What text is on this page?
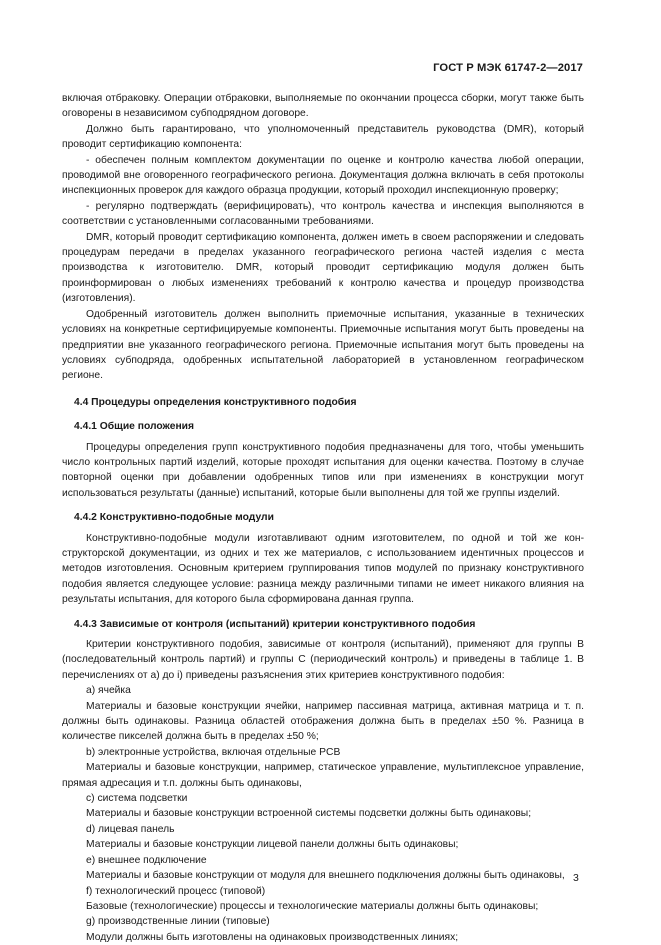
ГОСТ Р МЭК 61747-2—2017

включая отбраковку. Операции отбраковки, выполняемые по окончании процесса сборки, могут также быть оговорены в независимом субподрядном договоре.

Должно быть гарантировано, что уполномоченный представитель руководства (DMR), который проводит сертификацию компонента:

- обеспечен полным комплектом документации по оценке и контролю качества любой операции, проводимой вне оговоренного географического региона. Документация должна включать в себя протоколы инспекционных проверок для каждого образца продукции, который проходил инспекционную проверку;

- регулярно подтверждать (верифицировать), что контроль качества и инспекция выполняются в соответствии с установленными согласованными требованиями.

DMR, который проводит сертификацию компонента, должен иметь в своем распоряжении и следовать процедурам передачи в пределах указанного географического региона частей изделия с места производства к изготовителю. DMR, который проводит сертификацию модуля должен быть проинформирован о любых изменениях требований к контролю качества и процедур производства (изготовления).

Одобренный изготовитель должен выполнить приемочные испытания, указанные в технических условиях на конкретные сертифицируемые компоненты. Приемочные испытания могут быть проведены на предприятии вне указанного географического региона. Приемочные испытания могут быть проведены на условиях субподряда, одобренных испытательной лабораторией в установленном географическом регионе.

4.4 Процедуры определения конструктивного подобия

4.4.1 Общие положения

Процедуры определения групп конструктивного подобия предназначены для того, чтобы уменьшить число контрольных партий изделий, которые проходят испытания для оценки качества. Поэтому в случае повторной оценки при добавлении одобренных типов или при изменениях в конструкции могут использоваться результаты (данные) испытаний, которые были выполнены для той же группы изделий.

4.4.2 Конструктивно-подобные модули

Конструктивно-подобные модули изготавливают одним изготовителем, по одной и той же конструкторской документации, из одних и тех же материалов, с использованием идентичных процессов и методов изготовления. Основным критерием группирования типов модулей по признаку конструктивного подобия является следующее условие: разница между различными типами не имеет никакого влияния на результаты испытания, для которого была сформирована данная группа.

4.4.3 Зависимые от контроля (испытаний) критерии конструктивного подобия

Критерии конструктивного подобия, зависимые от контроля (испытаний), применяют для группы B (последовательный контроль партий) и группы C (периодический контроль) и приведены в таблице 1. В перечислениях от a) до i) приведены разъяснения этих критериев конструктивного подобия:

a) ячейка

Материалы и базовые конструкции ячейки, например пассивная матрица, активная матрица и т. п. должны быть одинаковы. Разница областей отображения должна быть в пределах ±50 %. Разница в количестве пикселей должна быть в пределах ±50 %;

b) электронные устройства, включая отдельные PCB

Материалы и базовые конструкции, например, статическое управление, мультиплексное управление, прямая адресация и т.п. должны быть одинаковы,

c) система подсветки

Материалы и базовые конструкции встроенной системы подсветки должны быть одинаковы;

d) лицевая панель

Материалы и базовые конструкции лицевой панели должны быть одинаковы;

e) внешнее подключение

Материалы и базовые конструкции от модуля для внешнего подключения должны быть одинаковы,

f) технологический процесс (типовой)

Базовые (технологические) процессы и технологические материалы должны быть одинаковы;

g) производственные линии (типовые)

Модули должны быть изготовлены на одинаковых производственных линиях;

3
